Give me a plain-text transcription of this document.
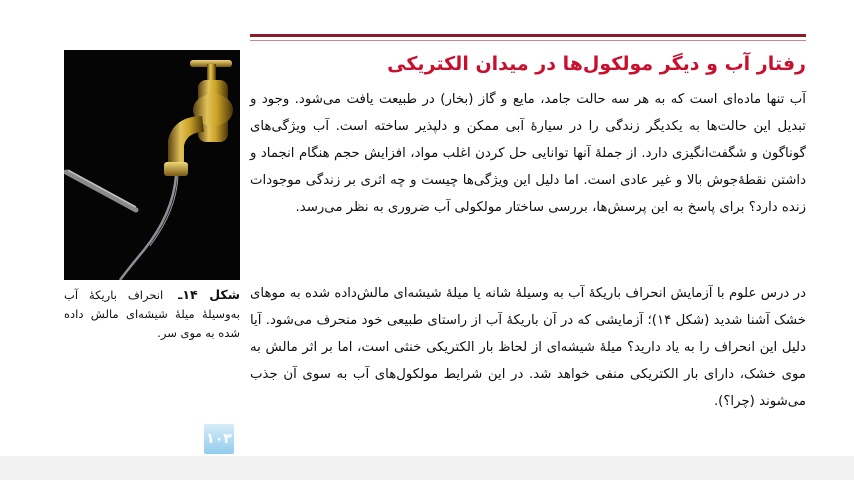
شکل ۱۴ـ انحراف باریکهٔ آب به‌وسیلهٔ میلهٔ شیشه‌ای مالش داده شده به موی سر.
رفتار آب و دیگر مولکول‌ها در میدان الکتریکی

آب تنها ماده‌ای است که به هر سه حالت جامد، مایع و گاز (بخار) در طبیعت یافت می‌شود. وجود و تبدیل این حالت‌ها به یکدیگر زندگی را در سیارهٔ آبی ممکن و دلپذیر ساخته است. آب ویژگی‌های گوناگون و شگفت‌انگیزی دارد. از جملهٔ آنها توانایی حل کردن اغلب مواد، افزایش حجم هنگام انجماد و داشتن نقطهٔ‌جوش بالا و غیر عادی است. اما دلیل این ویژگی‌ها چیست و چه اثری بر زندگی موجودات زنده دارد؟ برای پاسخ به این پرسش‌ها، بررسی ساختار مولکولی آب ضروری به نظر می‌رسد.

در درس علوم با آزمایش انحراف باریکهٔ آب به وسیلهٔ شانه یا میلهٔ شیشه‌ای مالش‌داده شده به موهای خشک آشنا شدید (شکل ۱۴)؛ آزمایشی که در آن باریکهٔ آب از راستای طبیعی خود منحرف می‌شود. آیا دلیل این انحراف را به یاد دارید؟ میلهٔ شیشه‌ای از لحاظ بار الکتریکی خنثی است، اما بر اثر مالش به موی خشک، دارای بار الکتریکی منفی خواهد شد. در این شرایط مولکول‌های آب به سوی آن جذب می‌شوند (چرا؟).

۱۰۳
